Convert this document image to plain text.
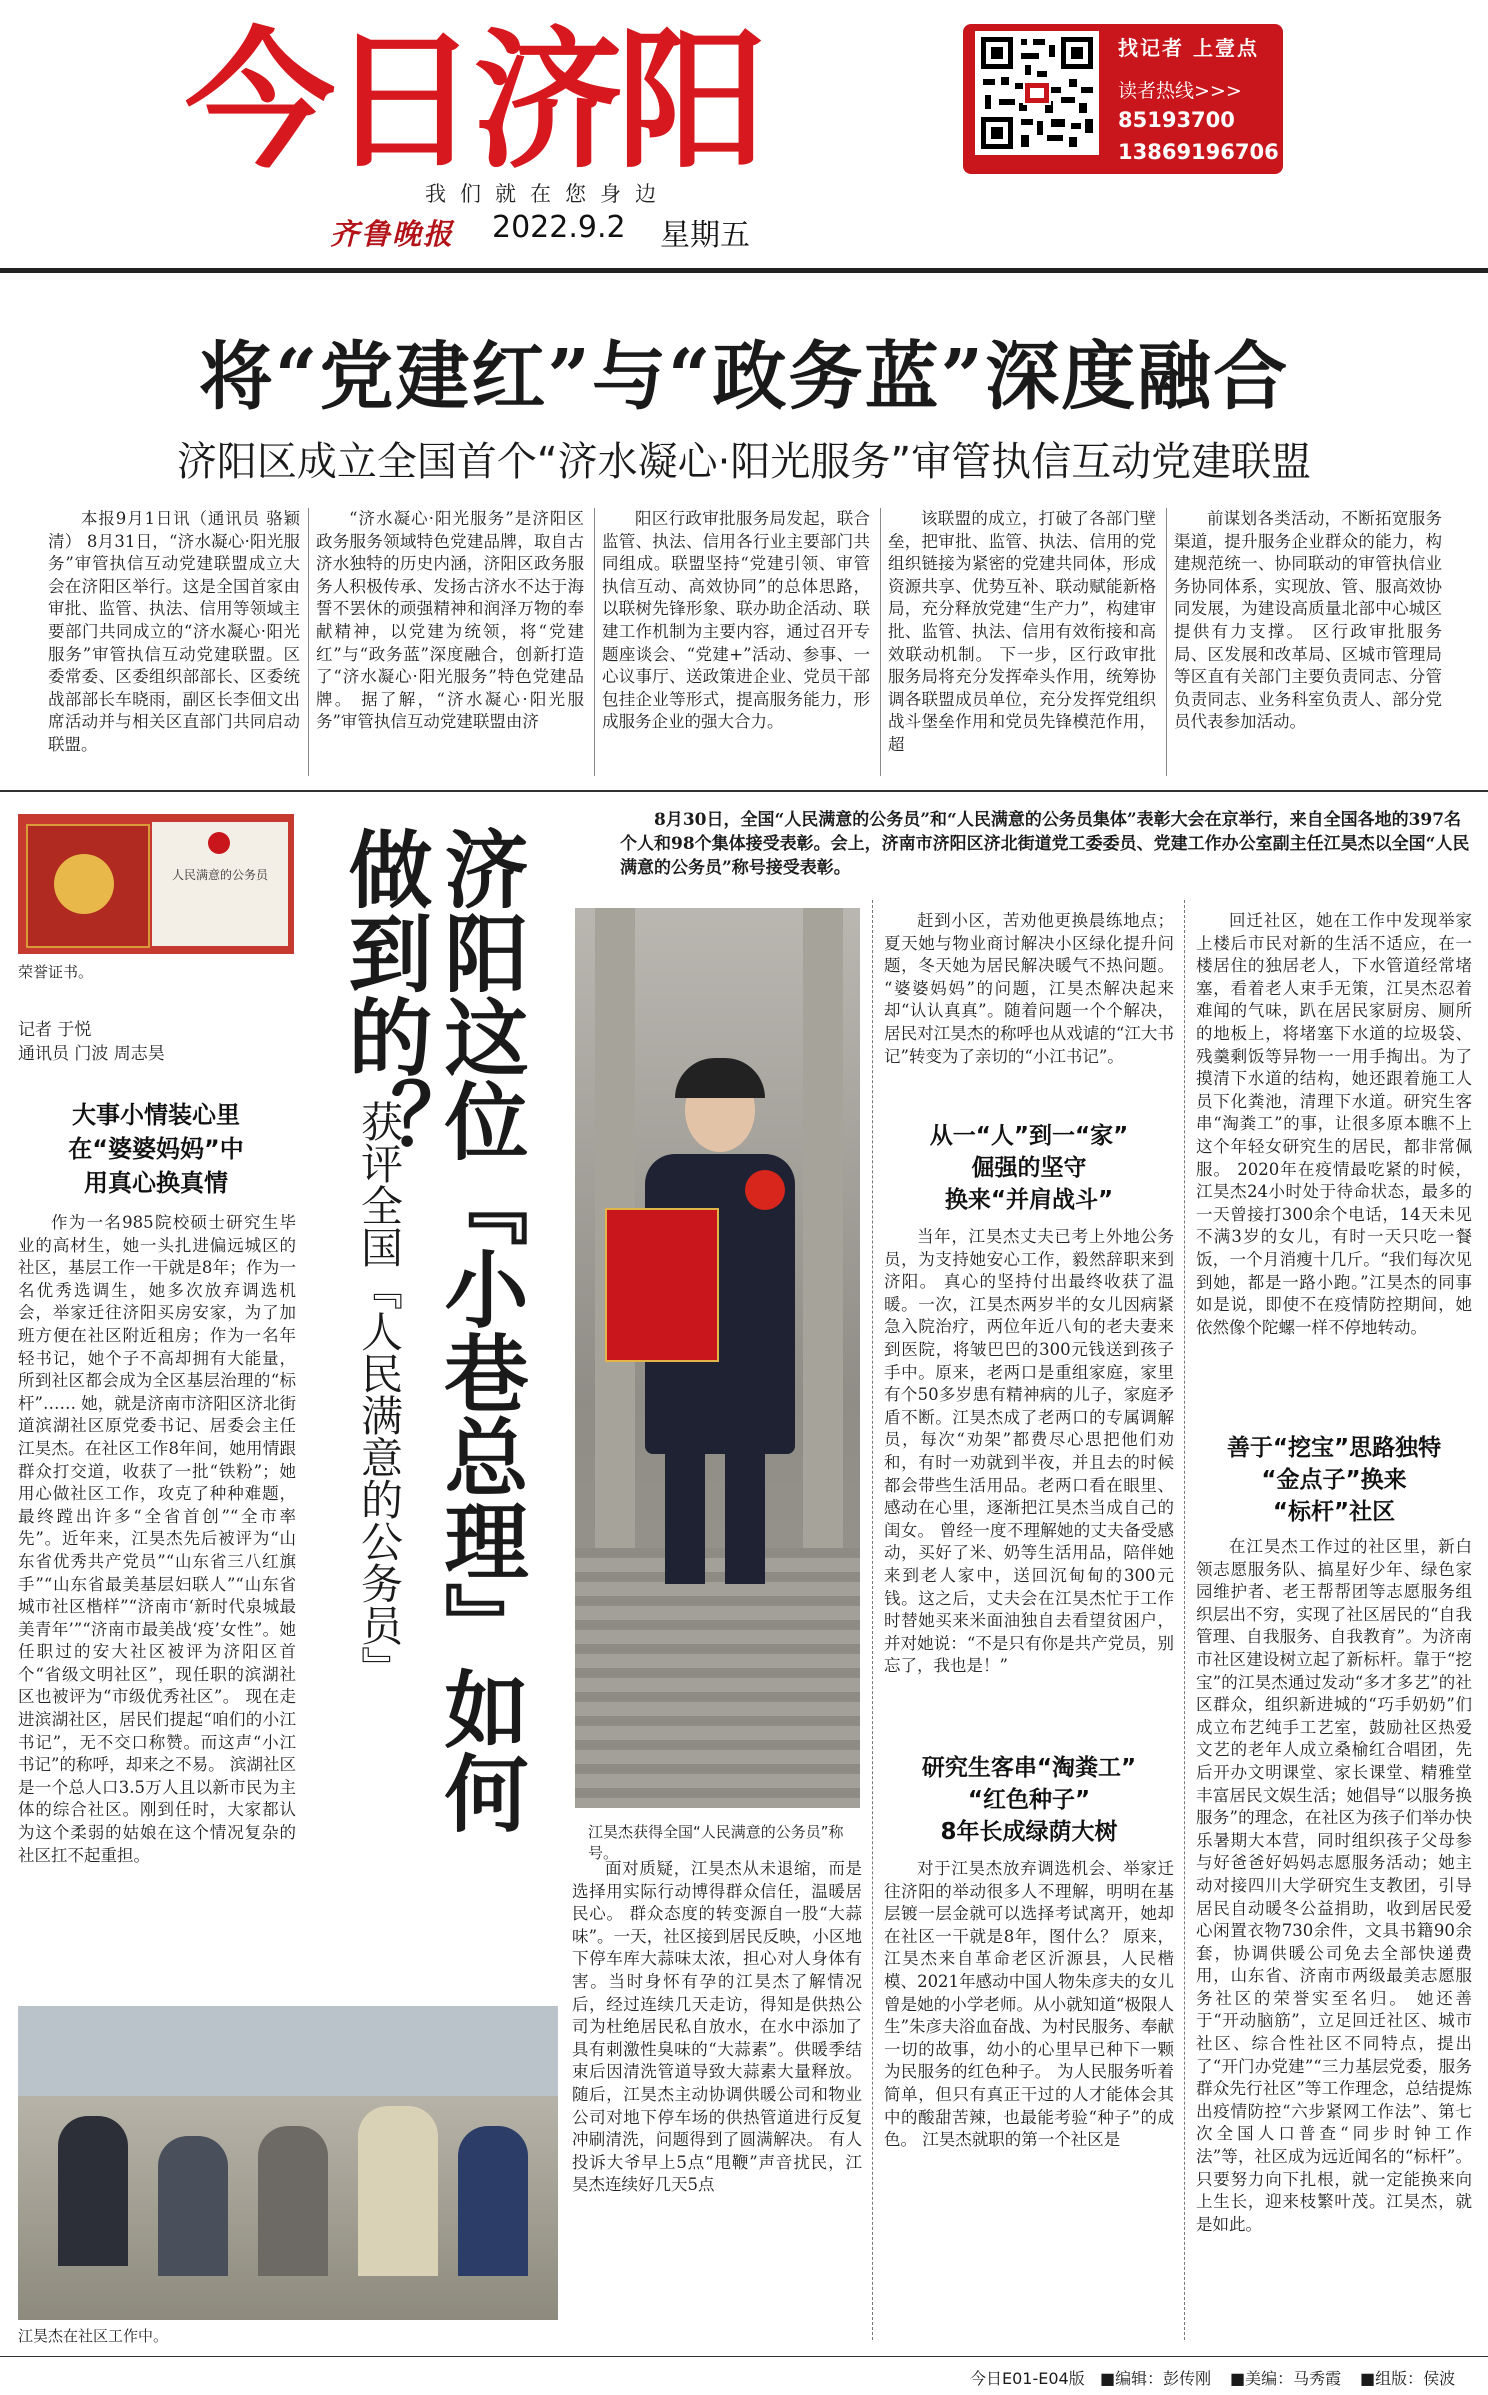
今日济阳
我们就在您身边
齐鲁晚报 2022.9.2 星期五
找记者 上壹点
读者热线>>>
85193700
13869196706
将“党建红”与“政务蓝”深度融合
济阳区成立全国首个“济水凝心·阳光服务”审管执信互动党建联盟

本报9月1日讯（通讯员 骆颖清） 8月31日，“济水凝心·阳光服务”审管执信互动党建联盟成立大会在济阳区举行。这是全国首家由审批、监管、执法、信用等领域主要部门共同成立的“济水凝心·阳光服务”审管执信互动党建联盟。区委常委、区委组织部部长、区委统战部部长车晓雨，副区长李佃文出席活动并与相关区直部门共同启动联盟。

“济水凝心·阳光服务”是济阳区政务服务领域特色党建品牌，取自古济水独特的历史内涵，济阳区政务服务人积极传承、发扬古济水不达于海誓不罢休的顽强精神和润泽万物的奉献精神，以党建为统领，将“党建红”与“政务蓝”深度融合，创新打造了“济水凝心·阳光服务”特色党建品牌。 据了解，“济水凝心·阳光服务”审管执信互动党建联盟由济

阳区行政审批服务局发起，联合监管、执法、信用各行业主要部门共同组成。联盟坚持“党建引领、审管执信互动、高效协同”的总体思路，以联树先锋形象、联办助企活动、联建工作机制为主要内容，通过召开专题座谈会、“党建+”活动、参事、一心议事厅、送政策进企业、党员干部包挂企业等形式，提高服务能力，形成服务企业的强大合力。

该联盟的成立，打破了各部门壁垒，把审批、监管、执法、信用的党组织链接为紧密的党建共同体，形成资源共享、优势互补、联动赋能新格局，充分释放党建“生产力”，构建审批、监管、执法、信用有效衔接和高效联动机制。 下一步，区行政审批服务局将充分发挥牵头作用，统筹协调各联盟成员单位，充分发挥党组织战斗堡垒作用和党员先锋模范作用，超

前谋划各类活动，不断拓宽服务渠道，提升服务企业群众的能力，构建规范统一、协同联动的审管执信业务协同体系，实现放、管、服高效协同发展，为建设高质量北部中心城区提供有力支撑。 区行政审批服务局、区发展和改革局、区城市管理局等区直有关部门主要负责同志、分管负责同志、业务科室负责人、部分党员代表参加活动。

人民满意的公务员
荣誉证书。
记者 于悦
通讯员 门波 周志昊
大事小情装心里
在“婆婆妈妈”中
用真心换真情

作为一名985院校硕士研究生毕业的高材生，她一头扎进偏远城区的社区，基层工作一干就是8年；作为一名优秀选调生，她多次放弃调选机会，举家迁往济阳买房安家，为了加班方便在社区附近租房；作为一名年轻书记，她个子不高却拥有大能量，所到社区都会成为全区基层治理的“标杆”…… 她，就是济南市济阳区济北街道滨湖社区原党委书记、居委会主任江昊杰。在社区工作8年间，她用情跟群众打交道，收获了一批“铁粉”；她用心做社区工作，攻克了种种难题，最终蹚出许多“全省首创”“全市率先”。近年来，江昊杰先后被评为“山东省优秀共产党员”“山东省三八红旗手”“山东省最美基层妇联人”“山东省城市社区楷样”“济南市‘新时代泉城最美青年’”“济南市最美战‘疫’女性”。她任职过的安大社区被评为济阳区首个“省级文明社区”，现任职的滨湖社区也被评为“市级优秀社区”。 现在走进滨湖社区，居民们提起“咱们的小江书记”，无不交口称赞。而这声“小江书记”的称呼，却来之不易。 滨湖社区是一个总人口3.5万人且以新市民为主体的综合社区。刚到任时，大家都认为这个柔弱的姑娘在这个情况复杂的社区扛不起重担。

济阳这位『小巷总理』如何做到的？
获评全国『人民满意的公务员』
8月30日，全国“人民满意的公务员”和“人民满意的公务员集体”表彰大会在京举行，来自全国各地的397名个人和98个集体接受表彰。会上，济南市济阳区济北街道党工委委员、党建工作办公室副主任江昊杰以全国“人民满意的公务员”称号接受表彰。
江昊杰获得全国“人民满意的公务员”称号。
江昊杰在社区工作中。

面对质疑，江昊杰从未退缩，而是选择用实际行动博得群众信任，温暖居民心。 群众态度的转变源自一股“大蒜味”。一天，社区接到居民反映，小区地下停车库大蒜味太浓，担心对人身体有害。当时身怀有孕的江昊杰了解情况后，经过连续几天走访，得知是供热公司为杜绝居民私自放水，在水中添加了具有刺激性臭味的“大蒜素”。供暖季结束后因清洗管道导致大蒜素大量释放。 随后，江昊杰主动协调供暖公司和物业公司对地下停车场的供热管道进行反复冲刷清洗，问题得到了圆满解决。 有人投诉大爷早上5点“甩鞭”声音扰民，江昊杰连续好几天5点

赶到小区，苦劝他更换晨练地点；夏天她与物业商讨解决小区绿化提升问题，冬天她为居民解决暖气不热问题。 “婆婆妈妈”的问题，江昊杰解决起来却“认认真真”。随着问题一个个解决，居民对江昊杰的称呼也从戏谑的“江大书记”转变为了亲切的“小江书记”。

从一“人”到一“家”
倔强的坚守
换来“并肩战斗”

当年，江昊杰丈夫已考上外地公务员，为支持她安心工作，毅然辞职来到济阳。 真心的坚持付出最终收获了温暖。一次，江昊杰两岁半的女儿因病紧急入院治疗，两位年近八旬的老夫妻来到医院，将皱巴巴的300元钱送到孩子手中。原来，老两口是重组家庭，家里有个50多岁患有精神病的儿子，家庭矛盾不断。江昊杰成了老两口的专属调解员，每次“劝架”都费尽心思把他们劝和，有时一劝就到半夜，并且去的时候都会带些生活用品。老两口看在眼里、感动在心里，逐渐把江昊杰当成自己的闺女。 曾经一度不理解她的丈夫备受感动，买好了米、奶等生活用品，陪伴她来到老人家中，送回沉甸甸的300元钱。这之后，丈夫会在江昊杰忙于工作时替她买来米面油独自去看望贫困户，并对她说：“不是只有你是共产党员，别忘了，我也是！”

研究生客串“淘粪工”
“红色种子”
8年长成绿荫大树

对于江昊杰放弃调选机会、举家迁往济阳的举动很多人不理解，明明在基层镀一层金就可以选择考试离开，她却在社区一干就是8年，图什么？ 原来，江昊杰来自革命老区沂源县，人民楷模、2021年感动中国人物朱彦夫的女儿曾是她的小学老师。从小就知道“极限人生”朱彦夫浴血奋战、为村民服务、奉献一切的故事，幼小的心里早已种下一颗为民服务的红色种子。 为人民服务听着简单，但只有真正干过的人才能体会其中的酸甜苦辣，也最能考验“种子”的成色。 江昊杰就职的第一个社区是

回迁社区，她在工作中发现举家上楼后市民对新的生活不适应，在一楼居住的独居老人，下水管道经常堵塞，看着老人束手无策，江昊杰忍着难闻的气味，趴在居民家厨房、厕所的地板上，将堵塞下水道的垃圾袋、残羹剩饭等异物一一用手掏出。为了摸清下水道的结构，她还跟着施工人员下化粪池，清理下水道。研究生客串“淘粪工”的事，让很多原本瞧不上这个年轻女研究生的居民，都非常佩服。 2020年在疫情最吃紧的时候，江昊杰24小时处于待命状态，最多的一天曾接打300余个电话，14天未见不满3岁的女儿，有时一天只吃一餐饭，一个月消瘦十几斤。“我们每次见到她，都是一路小跑。”江昊杰的同事如是说，即使不在疫情防控期间，她依然像个陀螺一样不停地转动。

善于“挖宝”思路独特
“金点子”换来
“标杆”社区

在江昊杰工作过的社区里，新白领志愿服务队、搞星好少年、绿色家园维护者、老王帮帮团等志愿服务组织层出不穷，实现了社区居民的“自我管理、自我服务、自我教育”。为济南市社区建设树立起了新标杆。靠于“挖宝”的江昊杰通过发动“多才多艺”的社区群众，组织新进城的“巧手奶奶”们成立布艺纯手工艺室，鼓励社区热爱文艺的老年人成立桑榆红合唱团，先后开办文明课堂、家长课堂、精雅堂丰富居民文娱生活；她倡导“以服务换服务”的理念，在社区为孩子们举办快乐暑期大本营，同时组织孩子父母参与好爸爸好妈妈志愿服务活动；她主动对接四川大学研究生支教团，引导居民自动暖冬公益捐助，收到居民爱心闲置衣物730余件，文具书籍90余套，协调供暖公司免去全部快递费用，山东省、济南市两级最美志愿服务社区的荣誉实至名归。 她还善于“开动脑筋”，立足回迁社区、城市社区、综合性社区不同特点，提出了“开门办党建”“三力基层党委，服务群众先行社区”等工作理念，总结提炼出疫情防控“六步紧网工作法”、第七次全国人口普查“同步时钟工作法”等，社区成为远近闻名的“标杆”。 只要努力向下扎根，就一定能换来向上生长，迎来枝繁叶茂。江昊杰，就是如此。

今日E01-E04版 ■编辑：彭传刚 ■美编：马秀霞 ■组版：侯波
